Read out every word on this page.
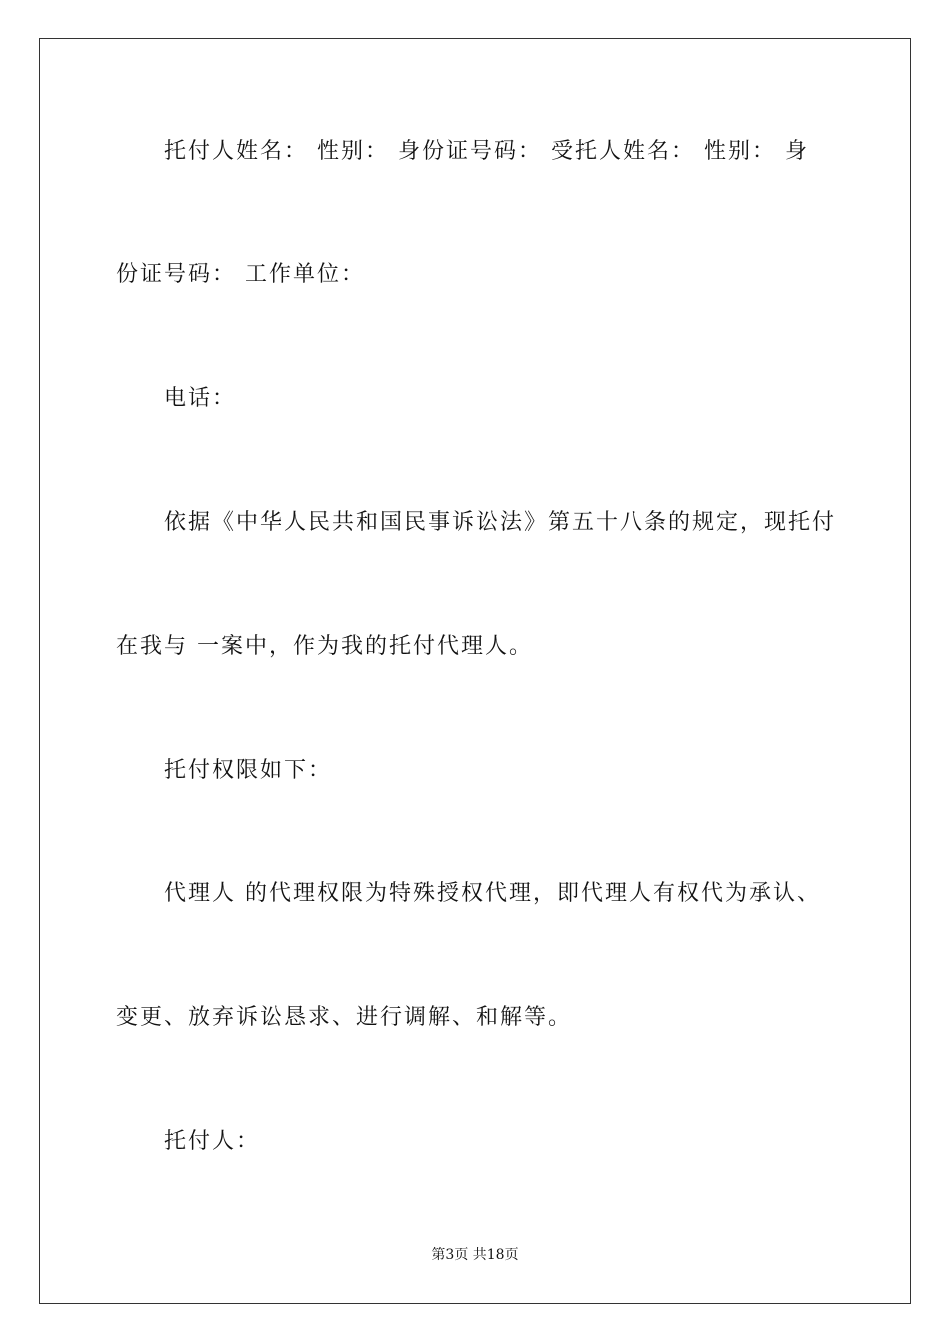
托付人姓名： 性别： 身份证号码： 受托人姓名： 性别： 身
份证号码： 工作单位：
电话：
依据《中华人民共和国民事诉讼法》第五十八条的规定，现托付
在我与 一案中，作为我的托付代理人。
托付权限如下：
代理人 的代理权限为特殊授权代理，即代理人有权代为承认、
变更、放弃诉讼恳求、进行调解、和解等。
托付人：
第3页 共18页
